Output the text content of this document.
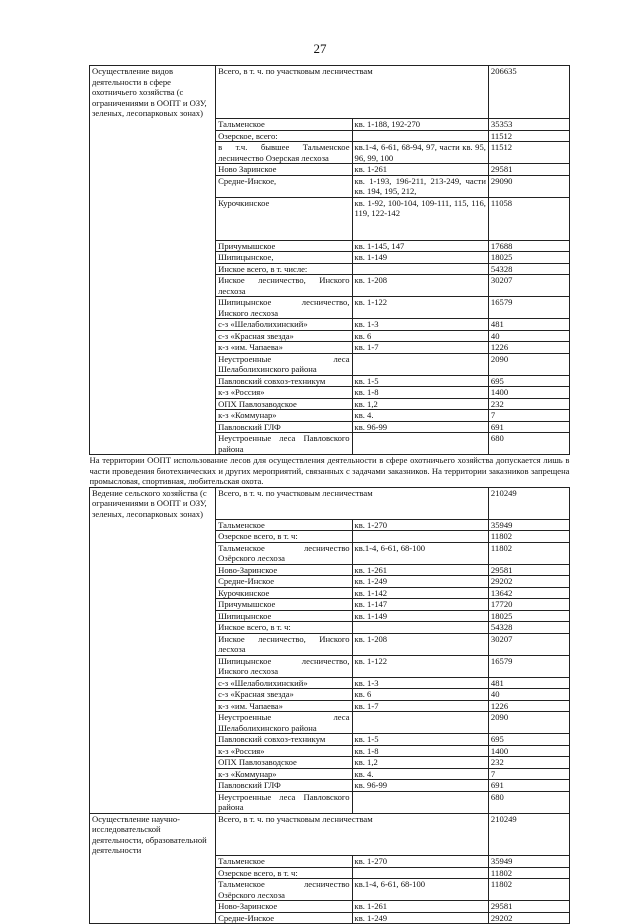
27
Осуществление видов деятельности в сфере охотничьего хозяйства (с ограничениями в ООПТ и ОЗУ, зеленых, лесопарковых зонах)	Всего, в т. ч. по участковым лесничествам		206635
	Тальменское	кв. 1-188, 192-270	35353
	Озерское, всего:		11512
	в т.ч. бывшее Тальменское лесничество Озерская лесхоза	кв.1-4, 6-61, 68-94, 97, части кв. 95, 96, 99, 100	11512
	Ново Заринское	кв. 1-261	29581
	Средне-Инское,	кв. 1-193, 196-211, 213-249, части кв. 194, 195, 212,	29090
	Курочкинское	кв. 1-92, 100-104, 109-111, 115, 116, 119, 122-142	11058
	Причумышское	кв. 1-145, 147	17688
	Шипицынское,	кв. 1-149	18025
	Инское всего, в т. числе:		54328
	Инское лесничество, Инского лесхоза	кв. 1-208	30207
	Шипицынское лесничество, Инского лесхоза	кв. 1-122	16579
	с-з «Шелаболихинский»	кв. 1-3	481
	с-з «Красная звезда»	кв. 6	40
	к-з «им. Чапаева»	кв. 1-7	1226
	Неустроенные леса Шелаболихинского района		2090
	Павловский совхоз-техникум	кв. 1-5	695
	к-з «Россия»	кв. 1-8	1400
	ОПХ Павлозаводское	кв. 1,2	232
	к-з «Коммунар»	кв. 4.	7
	Павловский ГЛФ	кв. 96-99	691
	Неустроенные леса Павловского района		680
На территории ООПТ использование лесов для осуществления деятельности в сфере охотничьего хозяйства допускается лишь в части проведения биотехнических и других мероприятий, связанных с задачами заказников. На территории заказников запрещена промысловая, спортивная, любительская охота.			
Ведение сельского хозяйства (с ограничениями в ООПТ и ОЗУ, зеленых, лесопарковых зонах)	Всего, в т. ч. по участковым лесничествам		210249
	Тальменское	кв. 1-270	35949
	Озерское всего, в т. ч:		11802
	Тальменское лесничество Озёрского лесхоза	кв.1-4, 6-61, 68-100	11802
	Ново-Заринское	кв. 1-261	29581
	Средне-Инское	кв. 1-249	29202
	Курочкинское	кв. 1-142	13642
	Причумышское	кв. 1-147	17720
	Шипицынское	кв. 1-149	18025
	Инское всего, в т. ч:		54328
	Инское лесничество, Инского лесхоза	кв. 1-208	30207
	Шипицынское лесничество, Инского лесхоза	кв. 1-122	16579
	с-з «Шелаболихинский»	кв. 1-3	481
	с-з «Красная звезда»	кв. 6	40
	к-з «им. Чапаева»	кв. 1-7	1226
	Неустроенные леса Шелаболихинского района		2090
	Павловский совхоз-техникум	кв. 1-5	695
	к-з «Россия»	кв. 1-8	1400
	ОПХ Павлозаводское	кв. 1,2	232
	к-з «Коммунар»	кв. 4.	7
	Павловский ГЛФ	кв. 96-99	691
	Неустроенные леса Павловского района		680
Осуществление научно-исследовательской деятельности, образовательной деятельности	Всего, в т. ч. по участковым лесничествам		210249
	Тальменское	кв. 1-270	35949
	Озерское всего, в т. ч:		11802
	Тальменское лесничество Озёрского лесхоза	кв.1-4, 6-61, 68-100	11802
	Ново-Заринское	кв. 1-261	29581
	Средне-Инское	кв. 1-249	29202
